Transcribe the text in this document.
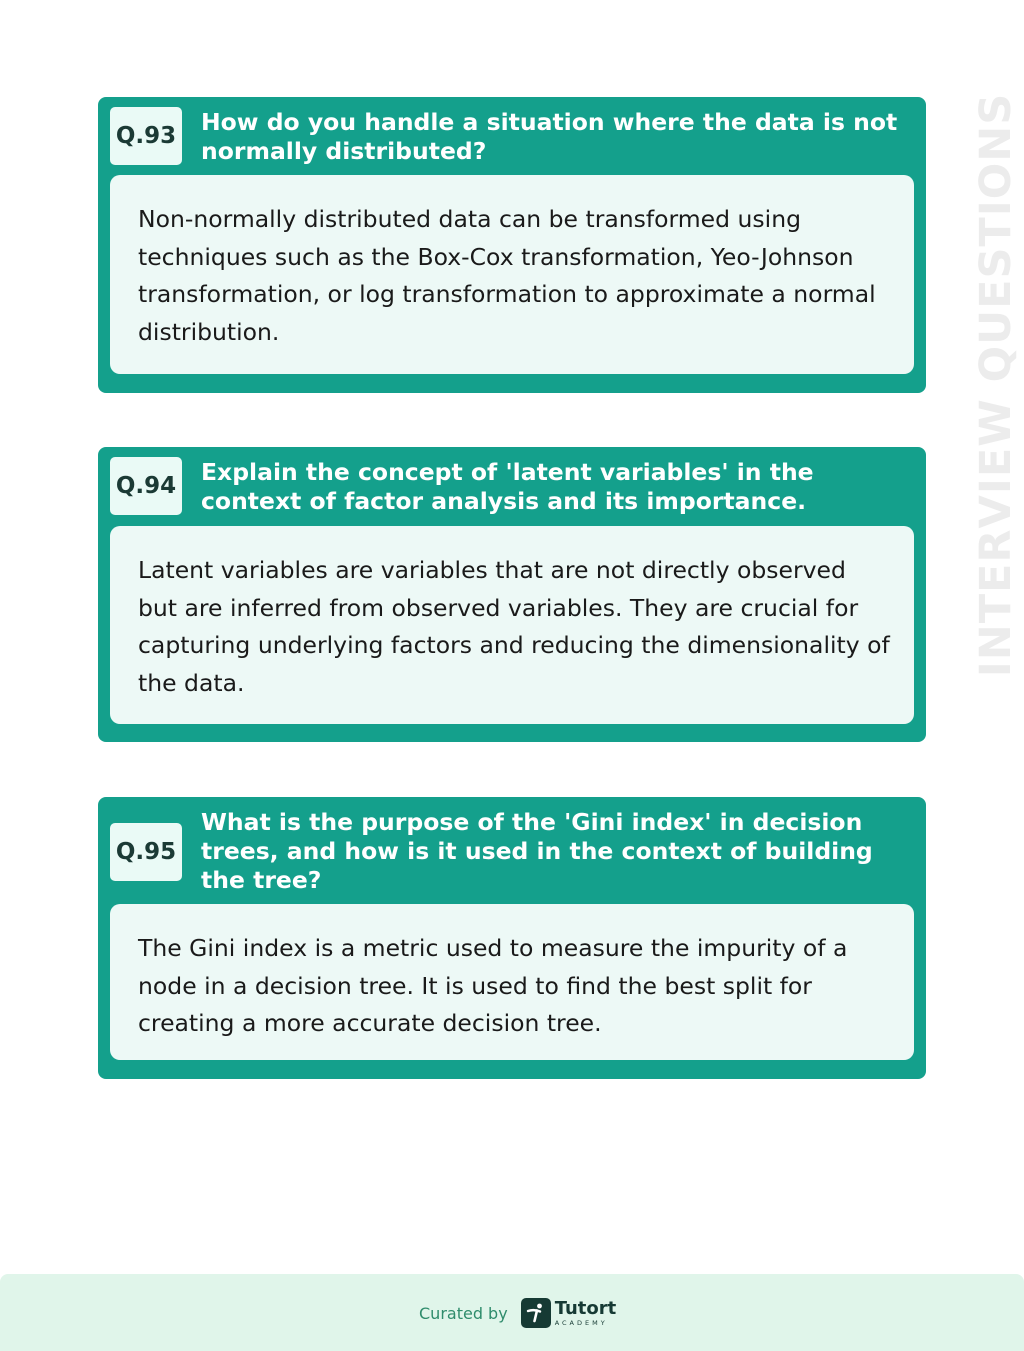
INTERVIEW QUESTIONS
Q.93 How do you handle a situation where the data is not normally distributed?

Non-normally distributed data can be transformed using techniques such as the Box-Cox transformation, Yeo-Johnson transformation, or log transformation to approximate a normal distribution.

Q.94 Explain the concept of 'latent variables' in the context of factor analysis and its importance.

Latent variables are variables that are not directly observed but are inferred from observed variables. They are crucial for capturing underlying factors and reducing the dimensionality of the data.

Q.95
What is the purpose of the 'Gini index' in decision trees, and how is it used in the context of building the tree?

The Gini index is a metric used to measure the impurity of a node in a decision tree. It is used to find the best split for creating a more accurate decision tree.

Curated by	Tutort
ACADEMY
